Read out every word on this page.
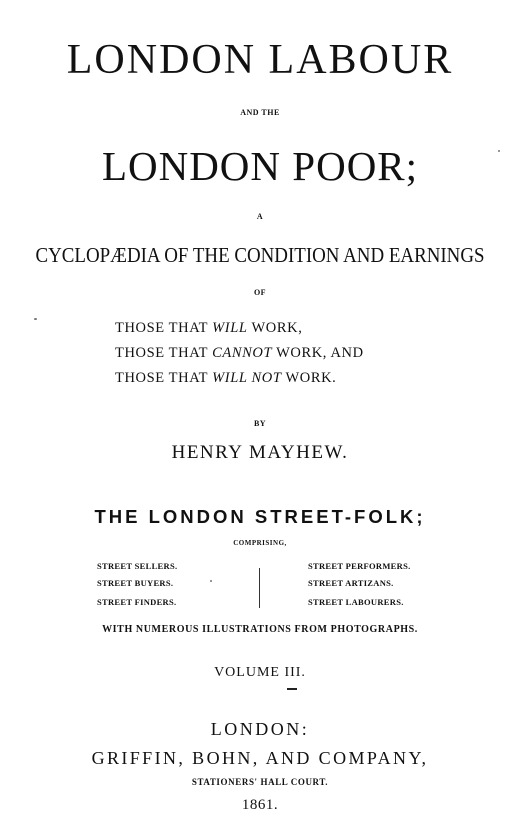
LONDON LABOUR
AND THE
LONDON POOR;
A
CYCLOPÆDIA OF THE CONDITION AND EARNINGS
OF
THOSE THAT WILL WORK,
THOSE THAT CANNOT WORK, AND
THOSE THAT WILL NOT WORK.
BY
HENRY MAYHEW.
THE LONDON STREET-FOLK;
COMPRISING,
STREET SELLERS.
STREET BUYERS.
STREET FINDERS.
STREET PERFORMERS.
STREET ARTIZANS.
STREET LABOURERS.
WITH NUMEROUS ILLUSTRATIONS FROM PHOTOGRAPHS.
VOLUME III.
LONDON:
GRIFFIN, BOHN, AND COMPANY,
STATIONERS' HALL COURT.
1861.
